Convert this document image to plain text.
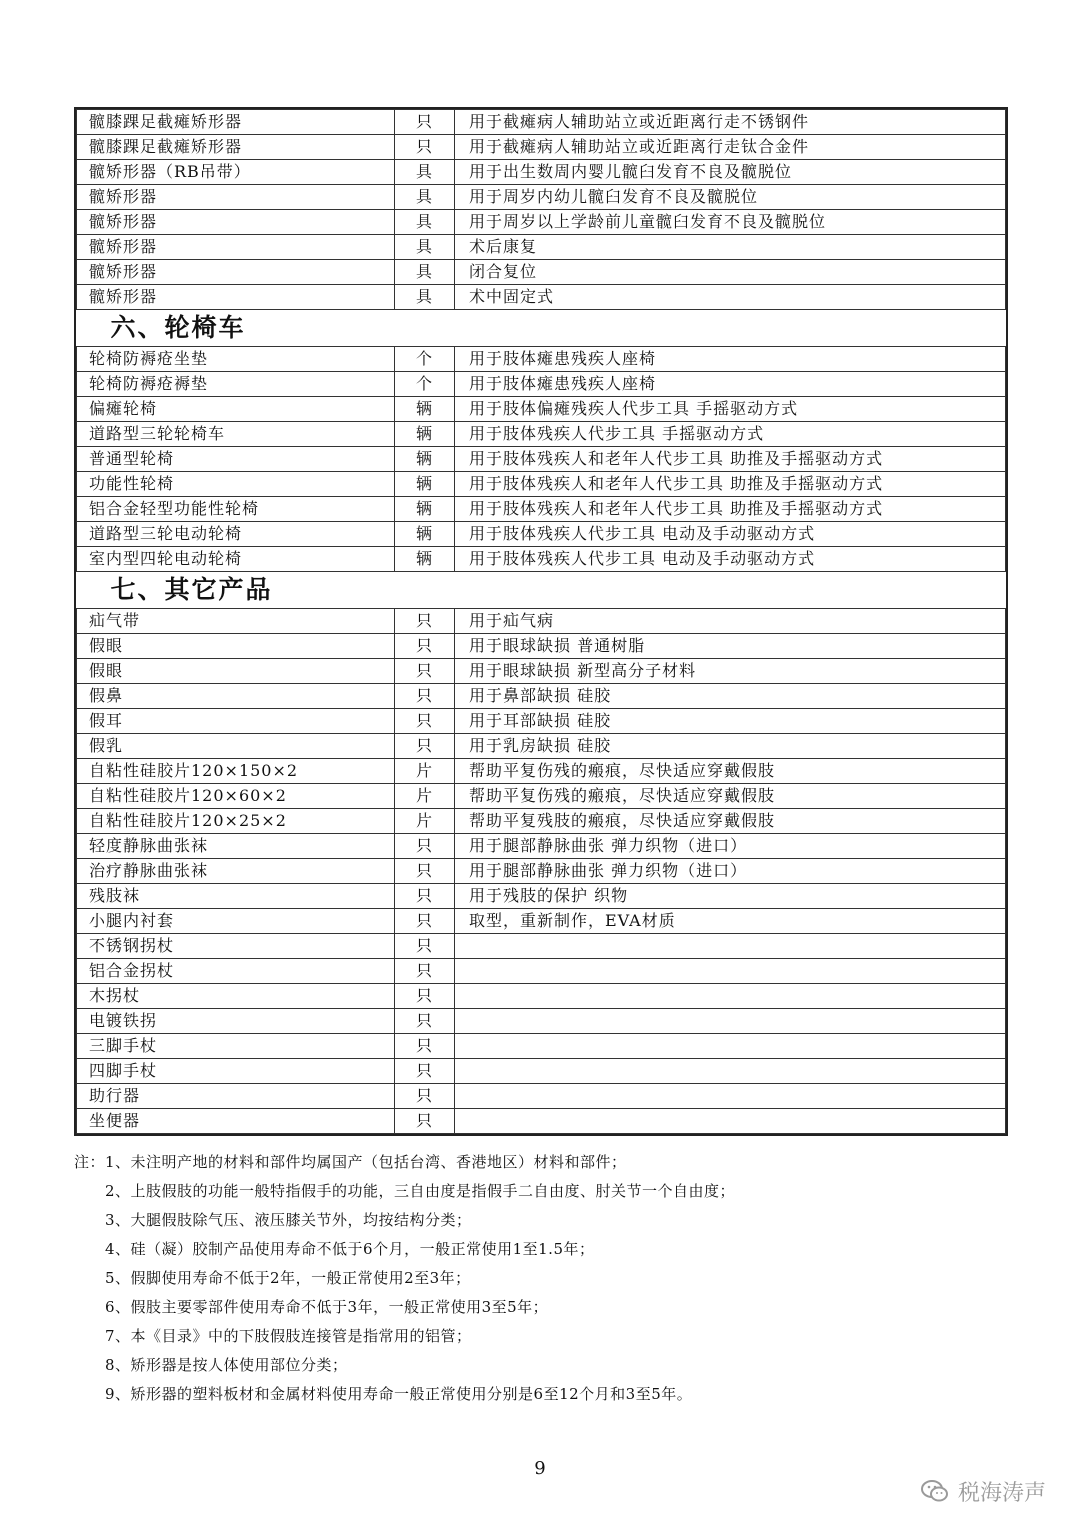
髋膝踝足截瘫矫形器	只	用于截瘫病人辅助站立或近距离行走不锈钢件
髋膝踝足截瘫矫形器	只	用于截瘫病人辅助站立或近距离行走钛合金件
髋矫形器（RB吊带）	具	用于出生数周内婴儿髋臼发育不良及髋脱位
髋矫形器	具	用于周岁内幼儿髋臼发育不良及髋脱位
髋矫形器	具	用于周岁以上学龄前儿童髋臼发育不良及髋脱位
髋矫形器	具	术后康复
髋矫形器	具	闭合复位
髋矫形器	具	术中固定式
六、轮椅车		
轮椅防褥疮坐垫	个	用于肢体瘫患残疾人座椅
轮椅防褥疮褥垫	个	用于肢体瘫患残疾人座椅
偏瘫轮椅	辆	用于肢体偏瘫残疾人代步工具 手摇驱动方式
道路型三轮轮椅车	辆	用于肢体残疾人代步工具 手摇驱动方式
普通型轮椅	辆	用于肢体残疾人和老年人代步工具 助推及手摇驱动方式
功能性轮椅	辆	用于肢体残疾人和老年人代步工具 助推及手摇驱动方式
铝合金轻型功能性轮椅	辆	用于肢体残疾人和老年人代步工具 助推及手摇驱动方式
道路型三轮电动轮椅	辆	用于肢体残疾人代步工具 电动及手动驱动方式
室内型四轮电动轮椅	辆	用于肢体残疾人代步工具 电动及手动驱动方式
七、其它产品		
疝气带	只	用于疝气病
假眼	只	用于眼球缺损 普通树脂
假眼	只	用于眼球缺损 新型高分子材料
假鼻	只	用于鼻部缺损 硅胶
假耳	只	用于耳部缺损 硅胶
假乳	只	用于乳房缺损 硅胶
自粘性硅胶片120×150×2	片	帮助平复伤残的瘢痕，尽快适应穿戴假肢
自粘性硅胶片120×60×2	片	帮助平复伤残的瘢痕，尽快适应穿戴假肢
自粘性硅胶片120×25×2	片	帮助平复残肢的瘢痕，尽快适应穿戴假肢
轻度静脉曲张袜	只	用于腿部静脉曲张 弹力织物（进口）
治疗静脉曲张袜	只	用于腿部静脉曲张 弹力织物（进口）
残肢袜	只	用于残肢的保护 织物
小腿内衬套	只	取型，重新制作，EVA材质
不锈钢拐杖	只	
铝合金拐杖	只	
木拐杖	只	
电镀铁拐	只	
三脚手杖	只	
四脚手杖	只	
助行器	只	
坐便器	只	
注：1、未注明产地的材料和部件均属国产（包括台湾、香港地区）材料和部件；
2、上肢假肢的功能一般特指假手的功能，三自由度是指假手二自由度、肘关节一个自由度；
3、大腿假肢除气压、液压膝关节外，均按结构分类；
4、硅（凝）胶制产品使用寿命不低于6个月，一般正常使用1至1.5年；
5、假脚使用寿命不低于2年，一般正常使用2至3年；
6、假肢主要零部件使用寿命不低于3年，一般正常使用3至5年；
7、本《目录》中的下肢假肢连接管是指常用的铝管；
8、矫形器是按人体使用部位分类；
9、矫形器的塑料板材和金属材料使用寿命一般正常使用分别是6至12个月和3至5年。
9
税海涛声
